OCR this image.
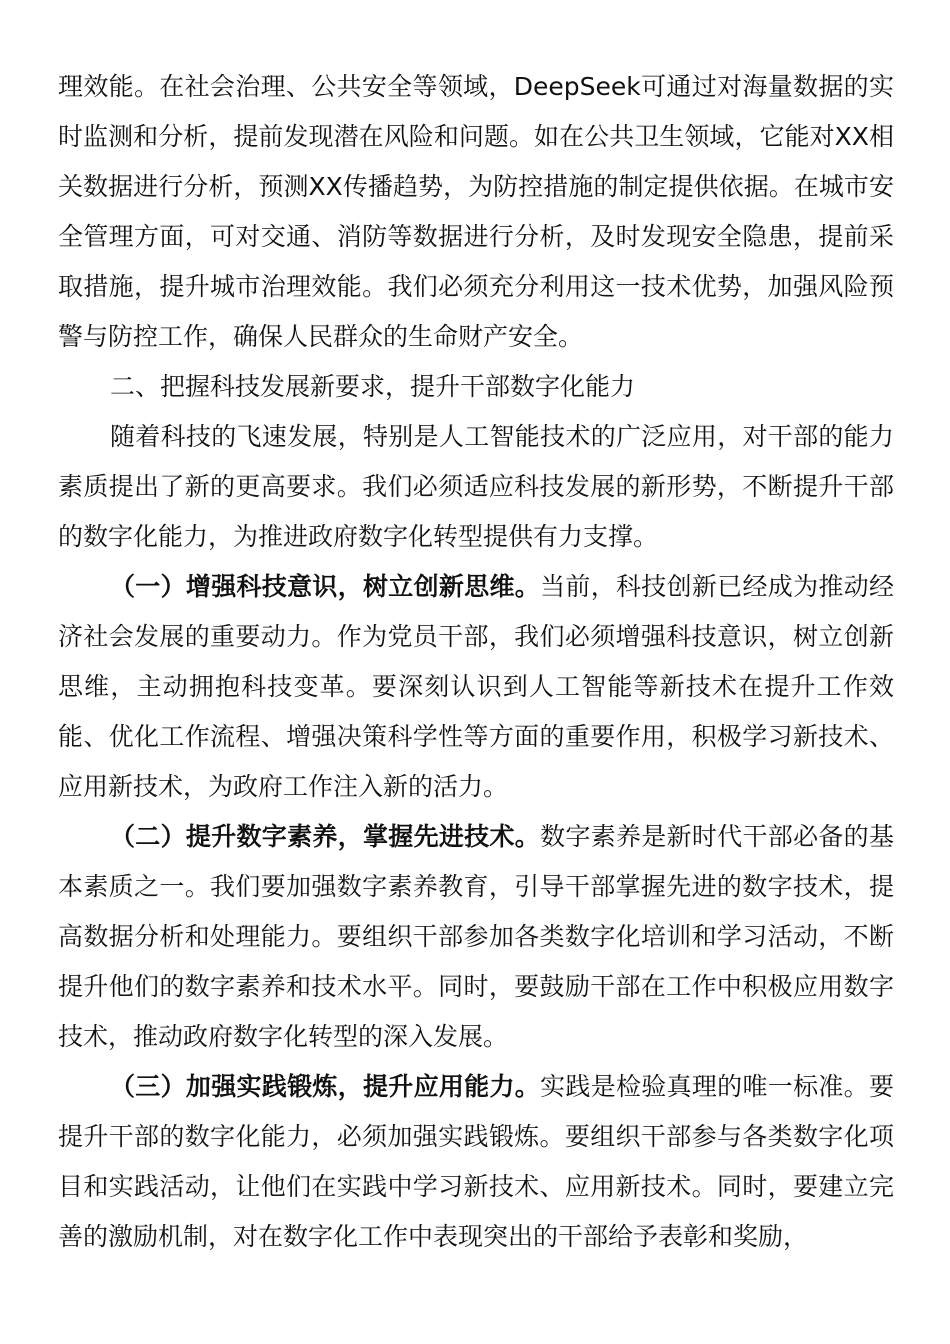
理效能。在社会治理、公共安全等领域，DeepSeek可通过对海量数据的实时监测和分析，提前发现潜在风险和问题。如在公共卫生领域，它能对XX相关数据进行分析，预测XX传播趋势，为防控措施的制定提供依据。在城市安全管理方面，可对交通、消防等数据进行分析，及时发现安全隐患，提前采取措施，提升城市治理效能。我们必须充分利用这一技术优势，加强风险预警与防控工作，确保人民群众的生命财产安全。

二、把握科技发展新要求，提升干部数字化能力

随着科技的飞速发展，特别是人工智能技术的广泛应用，对干部的能力素质提出了新的更高要求。我们必须适应科技发展的新形势，不断提升干部的数字化能力，为推进政府数字化转型提供有力支撑。

（一）增强科技意识，树立创新思维。当前，科技创新已经成为推动经济社会发展的重要动力。作为党员干部，我们必须增强科技意识，树立创新思维，主动拥抱科技变革。要深刻认识到人工智能等新技术在提升工作效能、优化工作流程、增强决策科学性等方面的重要作用，积极学习新技术、应用新技术，为政府工作注入新的活力。

（二）提升数字素养，掌握先进技术。数字素养是新时代干部必备的基本素质之一。我们要加强数字素养教育，引导干部掌握先进的数字技术，提高数据分析和处理能力。要组织干部参加各类数字化培训和学习活动，不断提升他们的数字素养和技术水平。同时，要鼓励干部在工作中积极应用数字技术，推动政府数字化转型的深入发展。

（三）加强实践锻炼，提升应用能力。实践是检验真理的唯一标准。要提升干部的数字化能力，必须加强实践锻炼。要组织干部参与各类数字化项目和实践活动，让他们在实践中学习新技术、应用新技术。同时，要建立完善的激励机制，对在数字化工作中表现突出的干部给予表彰和奖励，
